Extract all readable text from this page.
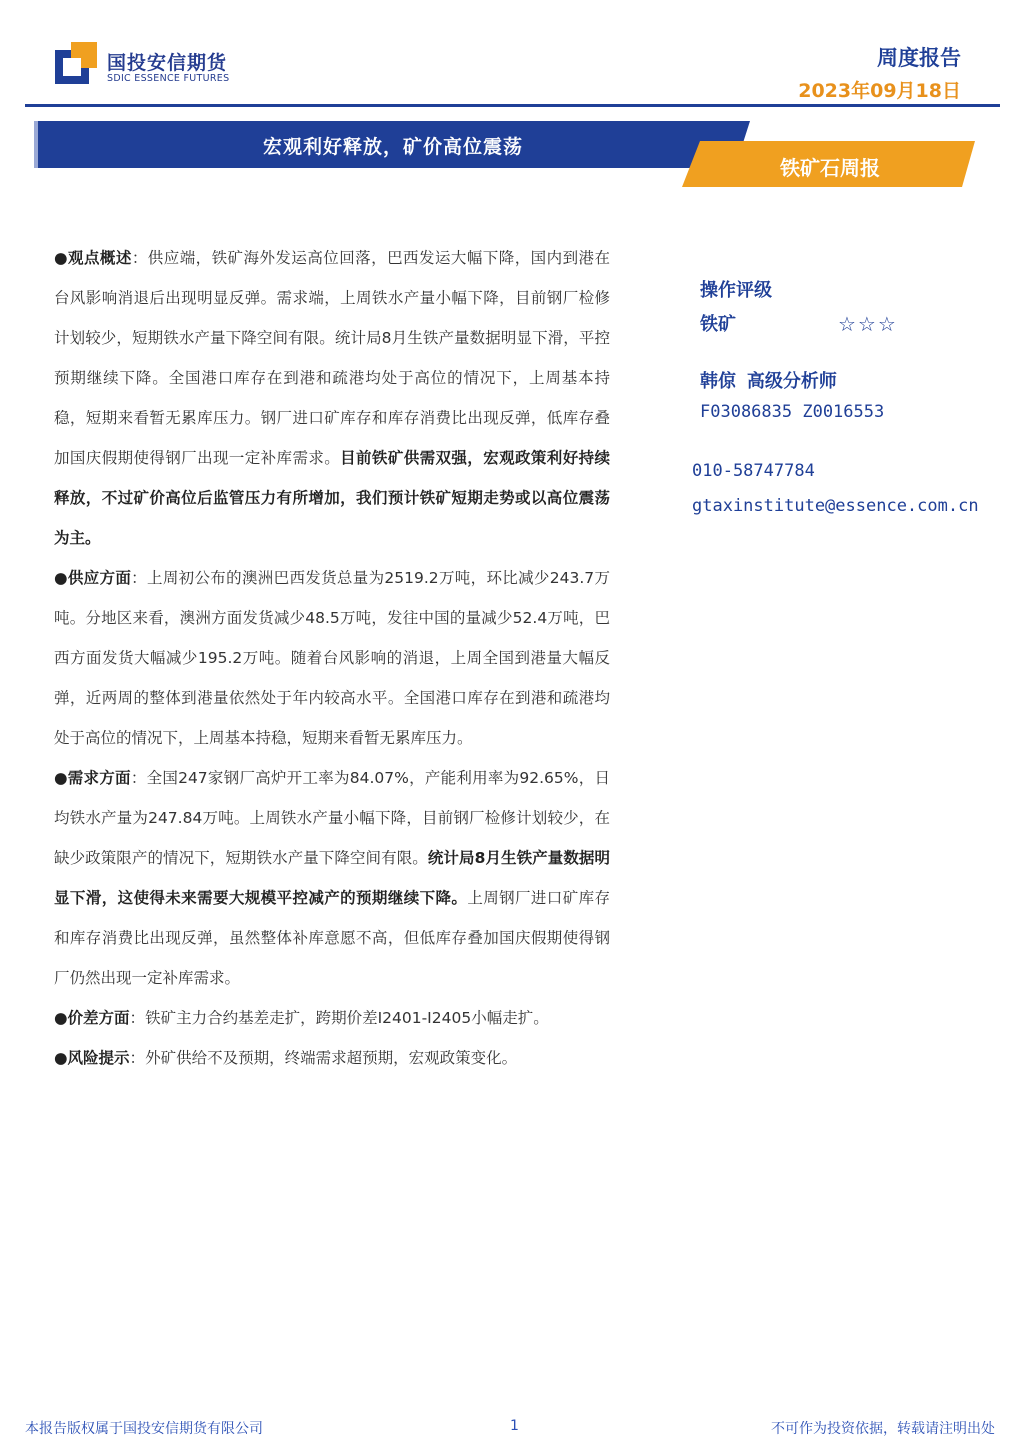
国投安信期货
SDIC ESSENCE FUTURES
周度报告
2023年09月18日
宏观利好释放，矿价高位震荡
铁矿石周报

●观点概述：供应端，铁矿海外发运高位回落，巴西发运大幅下降，国内到港在台风影响消退后出现明显反弹。需求端，上周铁水产量小幅下降，目前钢厂检修计划较少，短期铁水产量下降空间有限。统计局8月生铁产量数据明显下滑，平控预期继续下降。全国港口库存在到港和疏港均处于高位的情况下，上周基本持稳，短期来看暂无累库压力。钢厂进口矿库存和库存消费比出现反弹，低库存叠加国庆假期使得钢厂出现一定补库需求。目前铁矿供需双强，宏观政策利好持续释放，不过矿价高位后监管压力有所增加，我们预计铁矿短期走势或以高位震荡为主。

●供应方面：上周初公布的澳洲巴西发货总量为2519.2万吨，环比减少243.7万吨。分地区来看，澳洲方面发货减少48.5万吨，发往中国的量减少52.4万吨，巴西方面发货大幅减少195.2万吨。随着台风影响的消退，上周全国到港量大幅反弹，近两周的整体到港量依然处于年内较高水平。全国港口库存在到港和疏港均处于高位的情况下，上周基本持稳，短期来看暂无累库压力。

●需求方面：全国247家钢厂高炉开工率为84.07%，产能利用率为92.65%，日均铁水产量为247.84万吨。上周铁水产量小幅下降，目前钢厂检修计划较少，在缺少政策限产的情况下，短期铁水产量下降空间有限。统计局8月生铁产量数据明显下滑，这使得未来需要大规模平控减产的预期继续下降。上周钢厂进口矿库存和库存消费比出现反弹，虽然整体补库意愿不高，但低库存叠加国庆假期使得钢厂仍然出现一定补库需求。

●价差方面：铁矿主力合约基差走扩，跨期价差I2401-I2405小幅走扩。

●风险提示：外矿供给不及预期，终端需求超预期，宏观政策变化。

操作评级
铁矿	☆☆☆
韩倞 高级分析师
F03086835 Z0016553
010-58747784
gtaxinstitute@essence.com.cn
本报告版权属于国投安信期货有限公司	1	不可作为投资依据，转载请注明出处
